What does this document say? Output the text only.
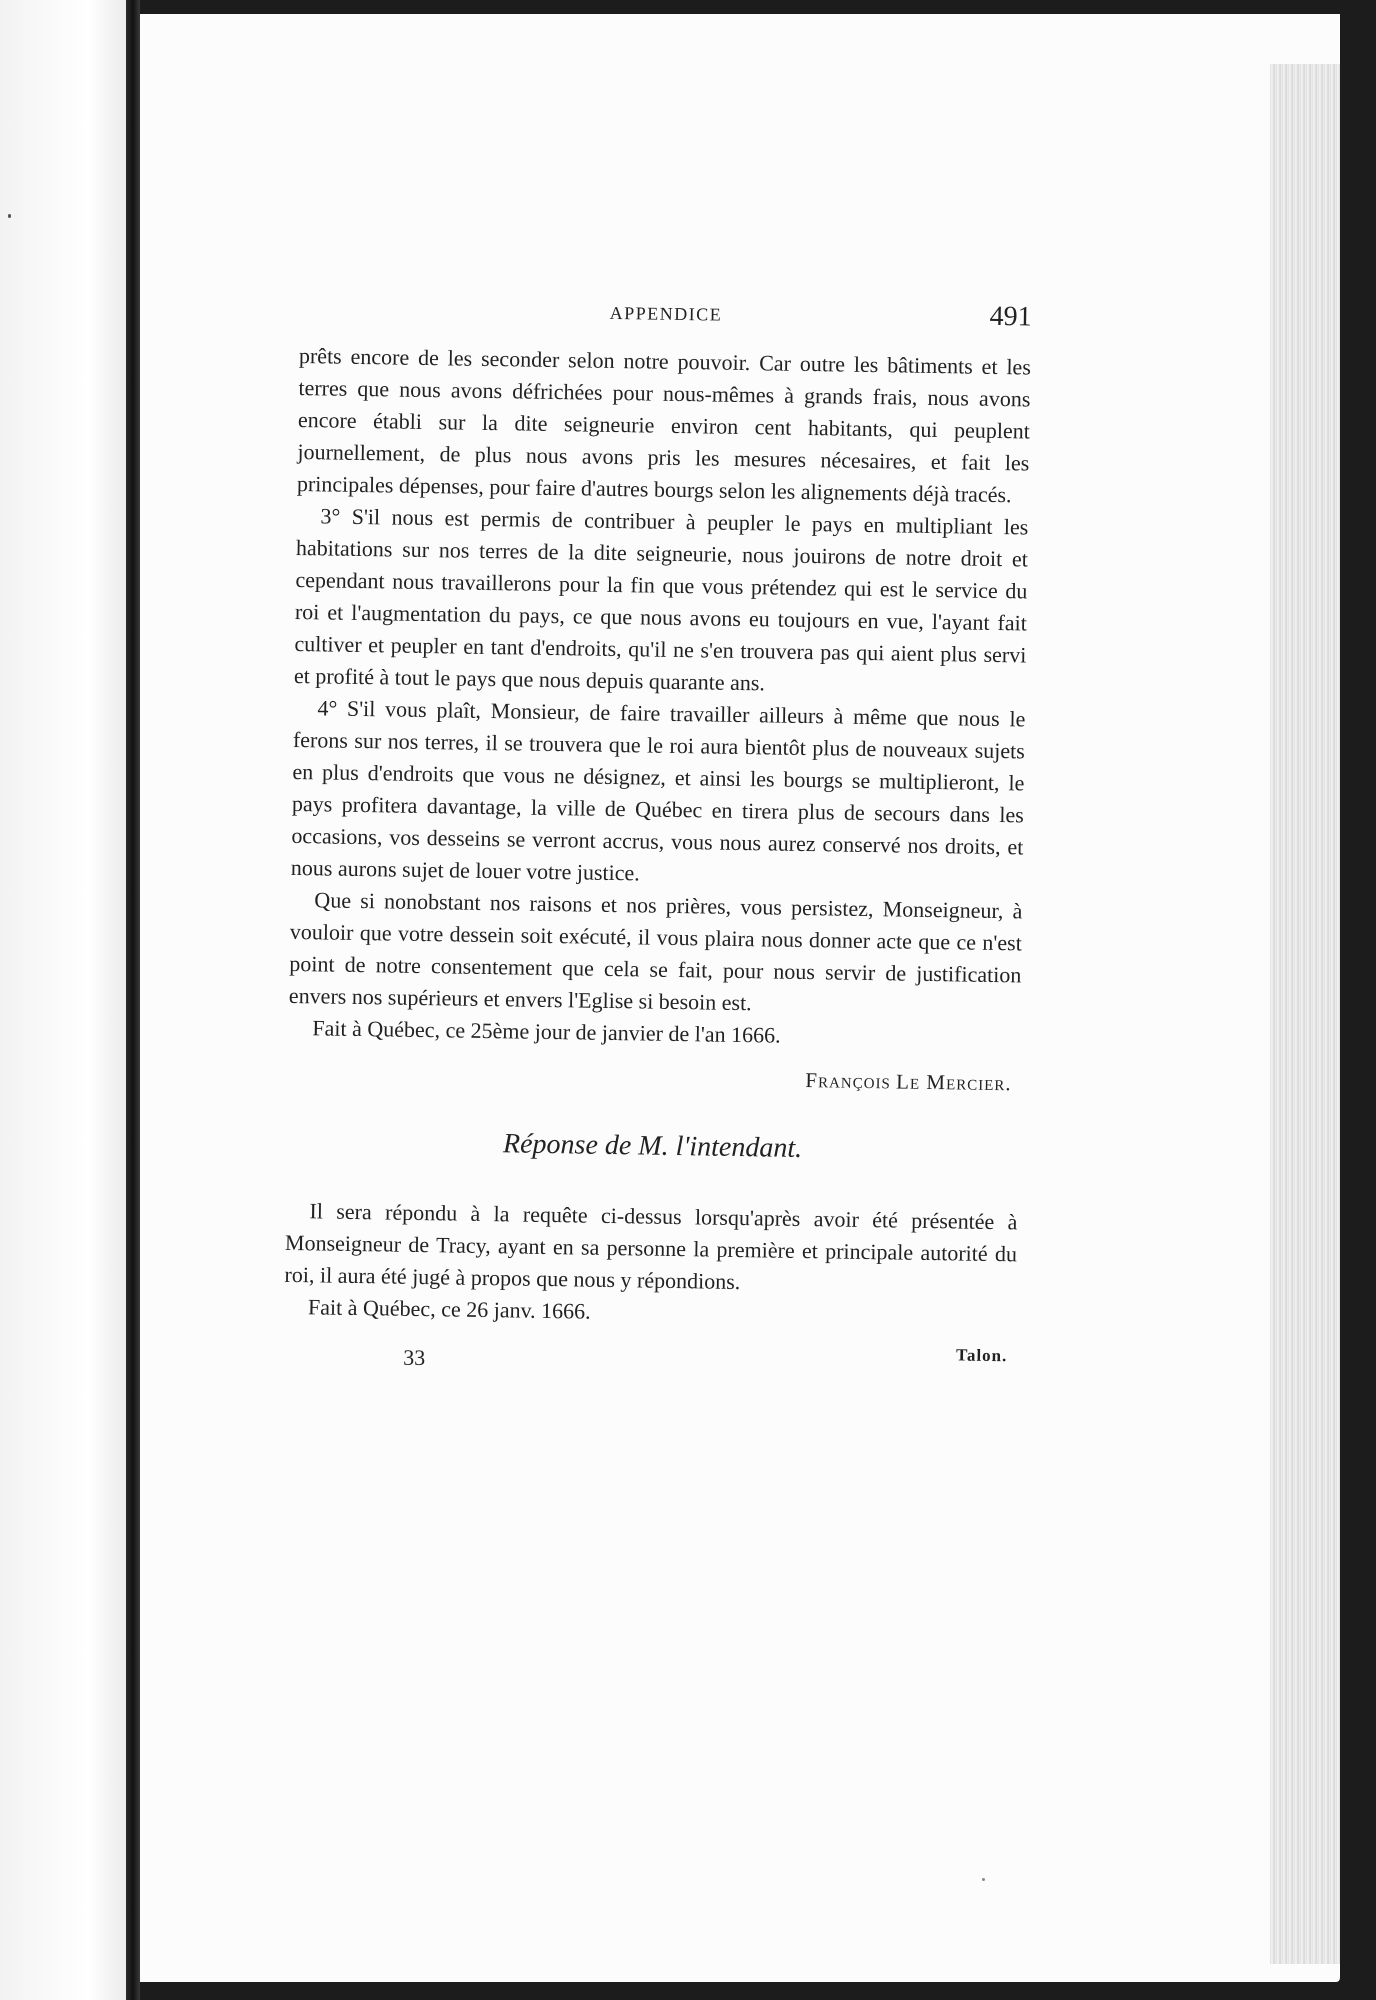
APPENDICE	491

prêts encore de les seconder selon notre pouvoir. Car outre les bâtiments et les terres que nous avons défrichées pour nous-mêmes à grands frais, nous avons encore établi sur la dite seigneurie environ cent habitants, qui peuplent journellement, de plus nous avons pris les mesures nécesaires, et fait les principales dépenses, pour faire d'autres bourgs selon les alignements déjà tracés.

3° S'il nous est permis de contribuer à peupler le pays en multipliant les habitations sur nos terres de la dite seigneurie, nous jouirons de notre droit et cependant nous travaillerons pour la fin que vous prétendez qui est le service du roi et l'augmentation du pays, ce que nous avons eu toujours en vue, l'ayant fait cultiver et peupler en tant d'endroits, qu'il ne s'en trouvera pas qui aient plus servi et profité à tout le pays que nous depuis quarante ans.

4° S'il vous plaît, Monsieur, de faire travailler ailleurs à même que nous le ferons sur nos terres, il se trouvera que le roi aura bientôt plus de nouveaux sujets en plus d'endroits que vous ne désignez, et ainsi les bourgs se multiplieront, le pays profitera davantage, la ville de Québec en tirera plus de secours dans les occasions, vos desseins se verront accrus, vous nous aurez conservé nos droits, et nous aurons sujet de louer votre justice.

Que si nonobstant nos raisons et nos prières, vous persistez, Monseigneur, à vouloir que votre dessein soit exécuté, il vous plaira nous donner acte que ce n'est point de notre consentement que cela se fait, pour nous servir de justification envers nos supérieurs et envers l'Eglise si besoin est.

Fait à Québec, ce 25ème jour de janvier de l'an 1666.

François Le Mercier.
Réponse de M. l'intendant.

Il sera répondu à la requête ci-dessus lorsqu'après avoir été présentée à Monseigneur de Tracy, ayant en sa personne la première et principale autorité du roi, il aura été jugé à propos que nous y répondions.

Fait à Québec, ce 26 janv. 1666.
33	Talon.
